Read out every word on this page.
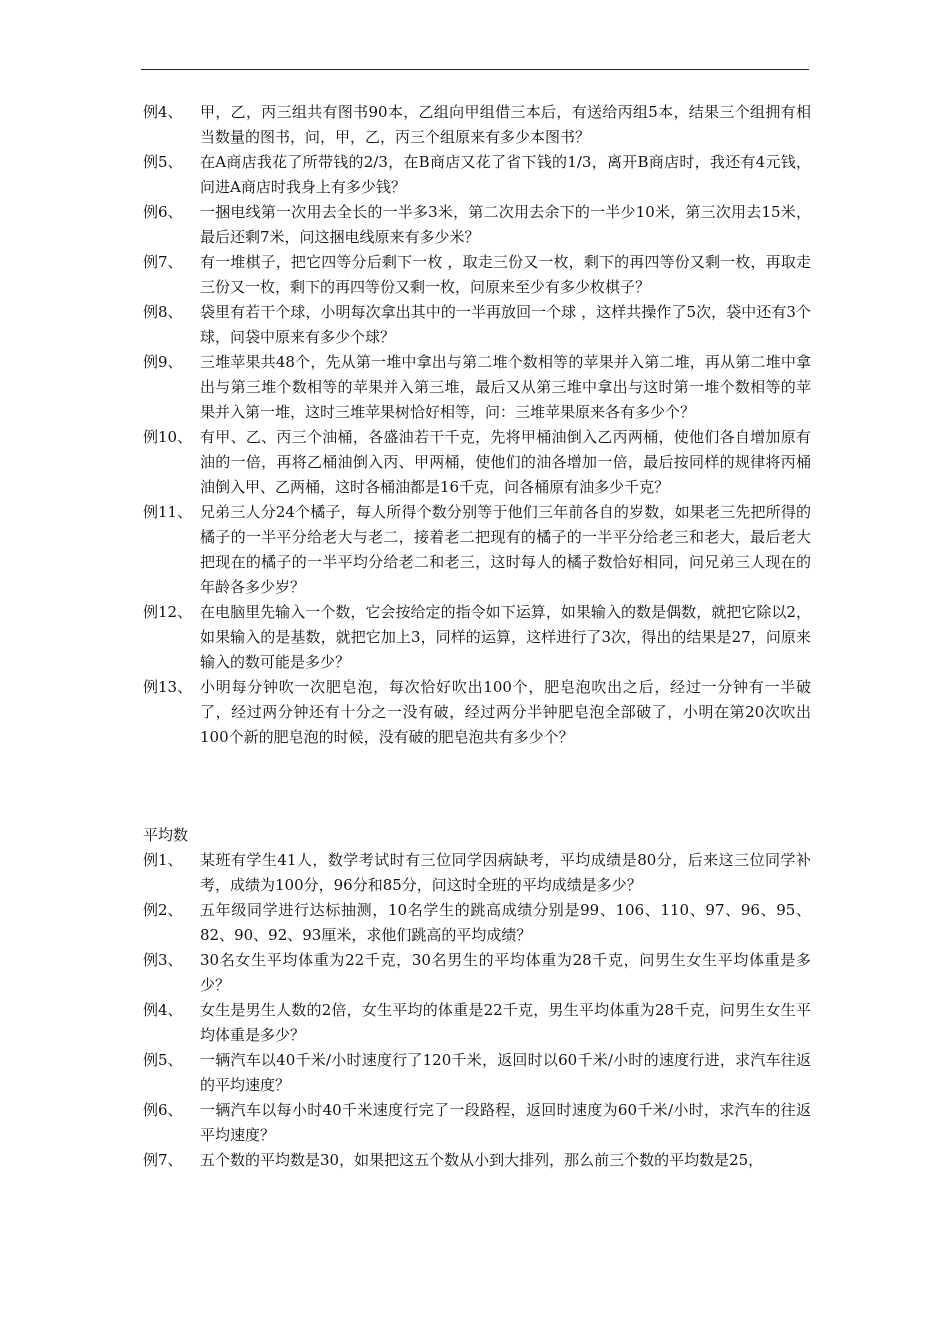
例4、	甲，乙，丙三组共有图书90本，乙组向甲组借三本后，有送给丙组5本，结果三个组拥有相当数量的图书，问，甲，乙，丙三个组原来有多少本图书？
例5、	在A商店我花了所带钱的2/3，在B商店又花了省下钱的1/3，离开B商店时，我还有4元钱，问进A商店时我身上有多少钱？
例6、	一捆电线第一次用去全长的一半多3米，第二次用去余下的一半少10米，第三次用去15米，最后还剩7米，问这捆电线原来有多少米？
例7、	有一堆棋子，把它四等分后剩下一枚 ，取走三份又一枚，剩下的再四等份又剩一枚，再取走三份又一枚，剩下的再四等份又剩一枚，问原来至少有多少枚棋子？
例8、	袋里有若干个球，小明每次拿出其中的一半再放回一个球 ，这样共操作了5次，袋中还有3个球，问袋中原来有多少个球？
例9、	三堆苹果共48个，先从第一堆中拿出与第二堆个数相等的苹果并入第二堆，再从第二堆中拿出与第三堆个数相等的苹果并入第三堆，最后又从第三堆中拿出与这时第一堆个数相等的苹果并入第一堆，这时三堆苹果树恰好相等，问：三堆苹果原来各有多少个？
例10、 有甲、乙、丙三个油桶，各盛油若干千克，先将甲桶油倒入乙丙两桶，使他们各自增加原有油的一倍，再将乙桶油倒入丙、甲两桶，使他们的油各增加一倍，最后按同样的规律将丙桶油倒入甲、乙两桶，这时各桶油都是16千克，问各桶原有油多少千克？
例11、 兄弟三人分24个橘子，每人所得个数分别等于他们三年前各自的岁数，如果老三先把所得的橘子的一半平分给老大与老二，接着老二把现有的橘子的一半平分给老三和老大，最后老大把现在的橘子的一半平均分给老二和老三，这时每人的橘子数恰好相同，问兄弟三人现在的年龄各多少岁？
例12、 在电脑里先输入一个数，它会按给定的指令如下运算，如果输入的数是偶数，就把它除以2，如果输入的是基数，就把它加上3，同样的运算，这样进行了3次，得出的结果是27，问原来输入的数可能是多少？
例13、 小明每分钟吹一次肥皂泡，每次恰好吹出100个，肥皂泡吹出之后，经过一分钟有一半破了，经过两分钟还有十分之一没有破，经过两分半钟肥皂泡全部破了，小明在第20次吹出100个新的肥皂泡的时候，没有破的肥皂泡共有多少个？
平均数
例1、	某班有学生41人，数学考试时有三位同学因病缺考，平均成绩是80分，后来这三位同学补考，成绩为100分，96分和85分，问这时全班的平均成绩是多少？
例2、	五年级同学进行达标抽测，10名学生的跳高成绩分别是99、106、110、97、96、95、82、90、92、93厘米，求他们跳高的平均成绩？
例3、	30名女生平均体重为22千克，30名男生的平均体重为28千克，问男生女生平均体重是多少？
例4、	女生是男生人数的2倍，女生平均的体重是22千克，男生平均体重为28千克，问男生女生平均体重是多少？
例5、	一辆汽车以40千米/小时速度行了120千米，返回时以60千米/小时的速度行进，求汽车往返的平均速度？
例6、	一辆汽车以每小时40千米速度行完了一段路程，返回时速度为60千米/小时，求汽车的往返平均速度？
例7、	五个数的平均数是30，如果把这五个数从小到大排列，那么前三个数的平均数是25，
